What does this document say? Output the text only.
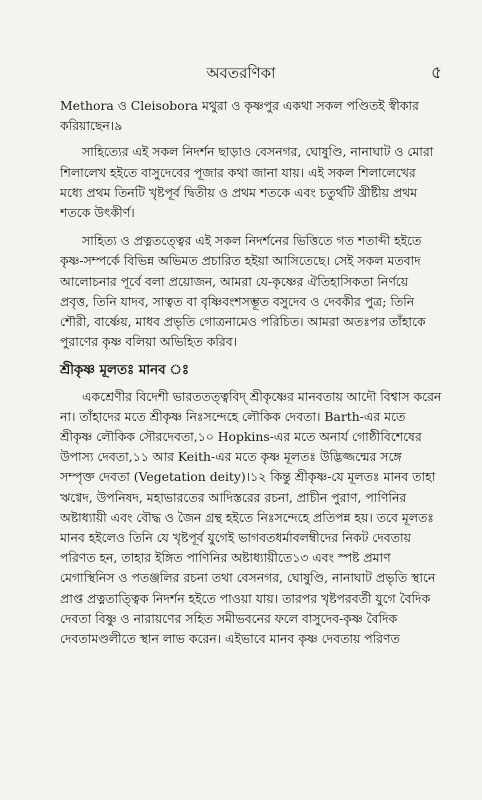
অবতরণিকা	৫

Methora ও Cleisobora মথুরা ও কৃষ্ণপুর একথা সকল পণ্ডিতই স্বীকার
করিয়াছেন।৯

সাহিত্যের এই সকল নিদর্শন ছাড়াও বেসনগর, ঘোষুণ্ডি, নানাঘাট ও মোরা
শিলালেখ হইতে বাসুদেবের পূজার কথা জানা যায়। এই সকল শিলালেখের
মধ্যে প্রথম তিনটি খৃষ্টপূর্ব দ্বিতীয় ও প্রথম শতকে এবং চতুর্থটি খ্রীষ্টীয় প্রথম
শতকে উৎকীর্ণ।

সাহিত্য ও প্রত্নতত্ত্বের এই সকল নিদর্শনের ভিত্তিতে গত শতাব্দী হইতে
কৃষ্ণ-সম্পর্কে বিভিন্ন অভিমত প্রচারিত হইয়া আসিতেছে। সেই সকল মতবাদ
আলোচনার পূর্বে বলা প্রয়োজন, আমরা যে-কৃষ্ণের ঐতিহাসিকতা নির্ণয়ে
প্রবৃত্ত, তিনি যাদব, সাত্বত বা বৃষ্ণিবংশসম্ভূত বসুদেব ও দেবকীর পুত্র; তিনি
শৌরী, বার্ষ্ণেয়, মাধব প্রভৃতি গোত্রনামেও পরিচিত। আমরা অতঃপর তাঁহাকে
পুরাণের কৃষ্ণ বলিয়া অভিহিত করিব।

শ্রীকৃষ্ণ মূলতঃ মানব ঃ

একশ্রেণীর বিদেশী ভারততত্ত্ববিদ্ শ্রীকৃষ্ণের মানবতায় আদৌ বিশ্বাস করেন
না। তাঁহাদের মতে শ্রীকৃষ্ণ নিঃসন্দেহে লৌকিক দেবতা। Barth-এর মতে
শ্রীকৃষ্ণ লৌকিক সৌরদেবতা,১০ Hopkins-এর মতে অনার্য গোষ্ঠীবিশেষের
উপাস্য দেবতা,১১ আর Keith-এর মতে কৃষ্ণ মূলতঃ উদ্ভিজ্জন্মের সঙ্গে
সম্পৃক্ত দেবতা (Vegetation deity)।১২ কিন্তু শ্রীকৃষ্ণ-যে মূলতঃ মানব তাহা
ঋগ্বেদ, উপনিষদ, মহাভারতের আদিস্তরের রচনা, প্রাচীন পুরাণ, পাণিনির
অষ্টাধ্যায়ী এবং বৌদ্ধ ও জৈন গ্রন্থ হইতে নিঃসন্দেহে প্রতিপন্ন হয়। তবে মূলতঃ
মানব হইলেও তিনি যে খৃষ্টপূর্ব যুগেই ভাগবতধর্মাবলম্বীদের নিকট দেবতায়
পরিণত হন, তাহার ইঙ্গিত পাণিনির অষ্টাধ্যায়ীতে১৩ এবং স্পষ্ট প্রমাণ
মেগাস্থিনিস ও পতঞ্জলির রচনা তথা বেসনগর, ঘোষুণ্ডি, নানাঘাট প্রভৃতি স্থানে
প্রাপ্ত প্রত্নতাত্ত্বিক নিদর্শন হইতে পাওয়া যায়। তারপর খৃষ্টপরবর্তী যুগে বৈদিক
দেবতা বিষ্ণু ও নারায়ণের সহিত সমীভবনের ফলে বাসুদেব-কৃষ্ণ বৈদিক
দেবতামণ্ডলীতে স্থান লাভ করেন। এইভাবে মানব কৃষ্ণ দেবতায় পরিণত
